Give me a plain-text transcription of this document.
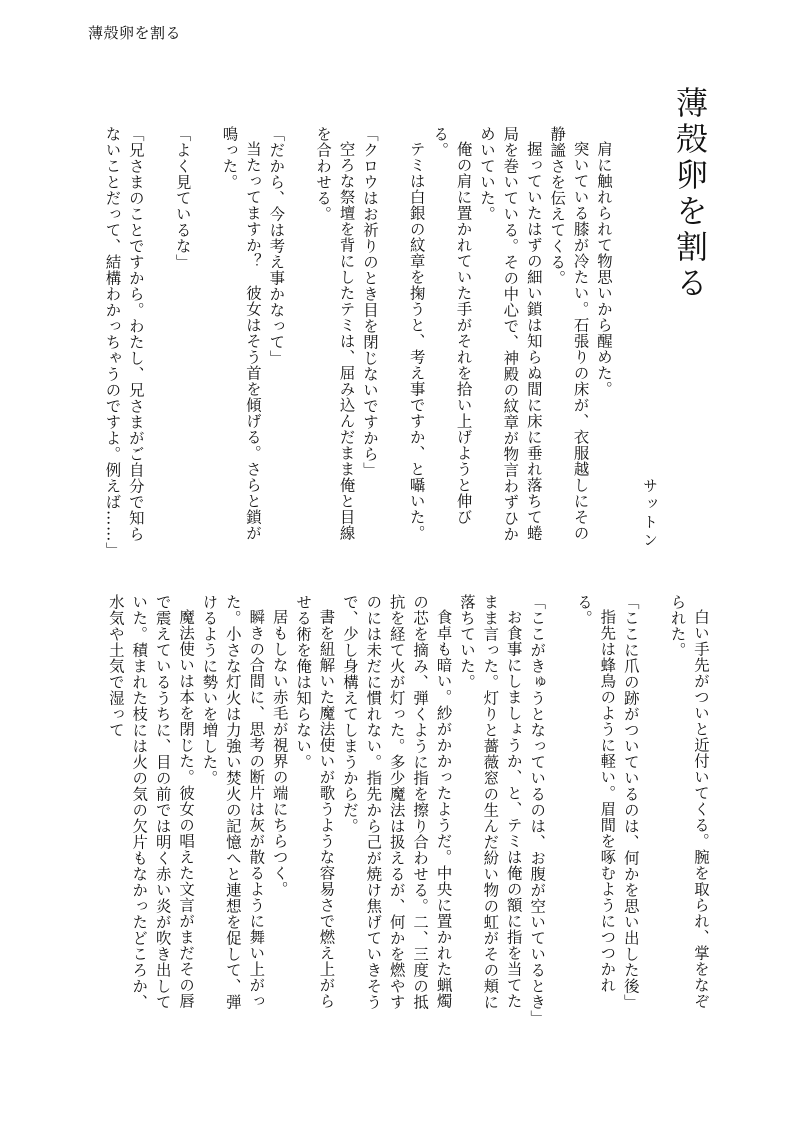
薄殻卵を割る
薄殻卵を割る
サットン

肩に触れられて物思いから醒めた。

突いている膝が冷たい。石張りの床が、衣服越しにその静謐さを伝えてくる。

握っていたはずの細い鎖は知らぬ間に床に垂れ落ちて蜷局を巻いている。その中心で、神殿の紋章が物言わずひかめいていた。

俺の肩に置かれていた手がそれを拾い上げようと伸びる。

テミは白銀の紋章を掬うと、考え事ですか、と囁いた。

「クロウはお祈りのとき目を閉じないですから」

空ろな祭壇を背にしたテミは、屈み込んだまま俺と目線を合わせる。

「だから、今は考え事かなって」

当たってますか？　彼女はそう首を傾げる。さらと鎖が鳴った。

「よく見ているな」

「兄さまのことですから。わたし、兄さまがご自分で知らないことだって、結構わかっちゃうのですよ。例えば……」

白い手先がついと近付いてくる。腕を取られ、掌をなぞられた。

「ここに爪の跡がついているのは、何かを思い出した後」

指先は蜂鳥のように軽い。眉間を啄むようにつつかれる。

「ここがきゅうとなっているのは、お腹が空いているとき」

お食事にしましょうか、と、テミは俺の額に指を当てたまま言った。灯りと薔薇窓の生んだ紛い物の虹がその頬に落ちていた。

食卓も暗い。紗がかかったようだ。中央に置かれた蝋燭の芯を摘み、弾くように指を擦り合わせる。二、三度の抵抗を経て火が灯った。多少魔法は扱えるが、何かを燃やすのには未だに慣れない。指先から己が焼け焦げていきそうで、少し身構えてしまうからだ。

書を紐解いた魔法使いが歌うような容易さで燃え上がらせる術を俺は知らない。

居もしない赤毛が視界の端にちらつく。

瞬きの合間に、思考の断片は灰が散るように舞い上がった。小さな灯火は力強い焚火の記憶へと連想を促して、弾けるように勢いを増した。

魔法使いは本を閉じた。彼女の唱えた文言がまだその唇で震えているうちに、目の前では明く赤い炎が吹き出していた。積まれた枝には火の気の欠片もなかったどころか、水気や土気で湿って
